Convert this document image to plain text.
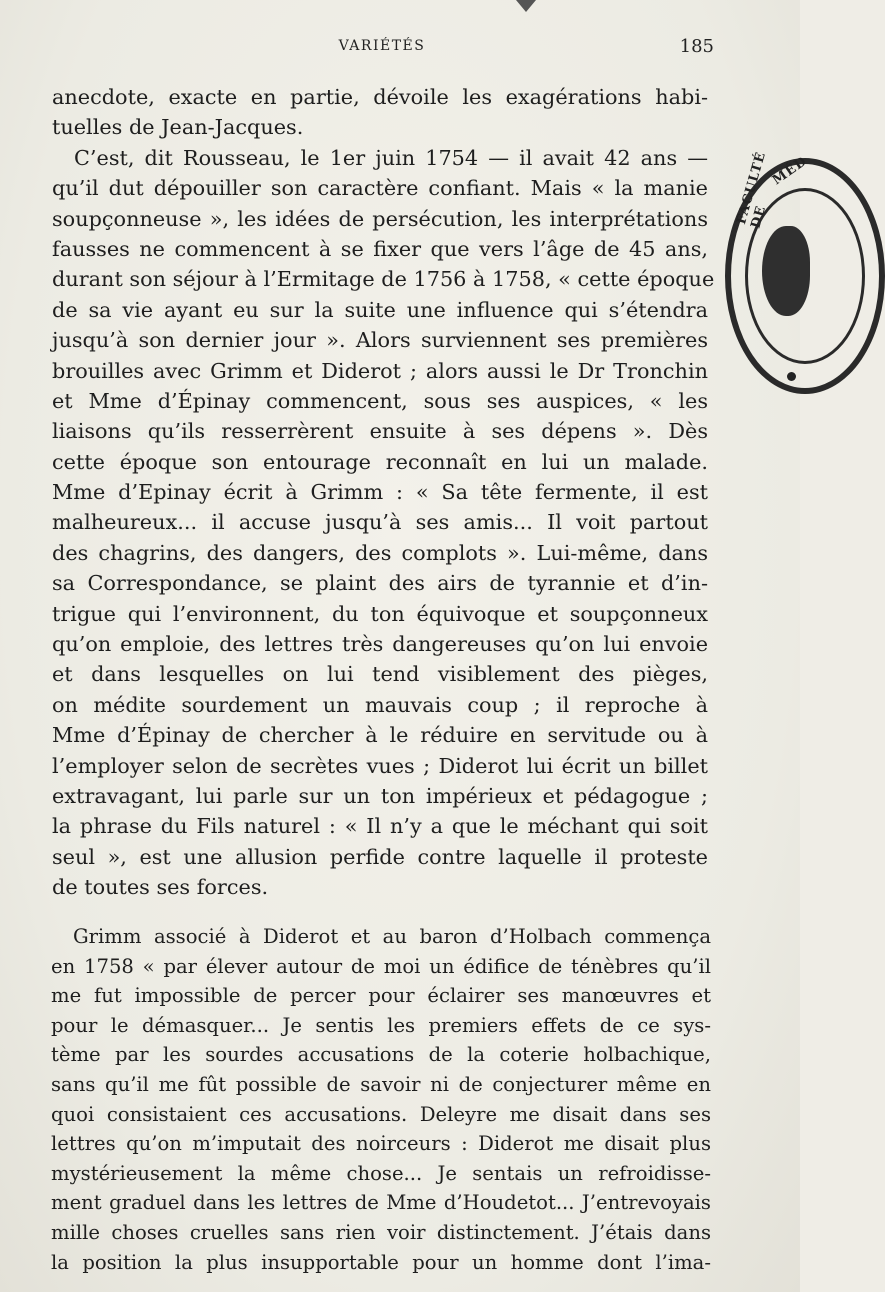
VARIÉTÉS	185
anecdote, exacte en partie, dévoile les exagérations habi-
tuelles de Jean-Jacques.
C’est, dit Rousseau, le 1er juin 1754 — il avait 42 ans —
qu’il dut dépouiller son caractère confiant. Mais « la manie
soupçonneuse », les idées de persécution, les interprétations
fausses ne commencent à se fixer que vers l’âge de 45 ans,
durant son séjour à l’Ermitage de 1756 à 1758, « cette époque
de sa vie ayant eu sur la suite une influence qui s’étendra
jusqu’à son dernier jour ». Alors surviennent ses premières
brouilles avec Grimm et Diderot ; alors aussi le Dr Tronchin
et Mme d’Épinay commencent, sous ses auspices, « les
liaisons qu’ils resserrèrent ensuite à ses dépens ». Dès
cette époque son entourage reconnaît en lui un malade.
Mme d’Epinay écrit à Grimm : « Sa tête fermente, il est
malheureux... il accuse jusqu’à ses amis... Il voit partout
des chagrins, des dangers, des complots ». Lui-même, dans
sa Correspondance, se plaint des airs de tyrannie et d’in-
trigue qui l’environnent, du ton équivoque et soupçonneux
qu’on emploie, des lettres très dangereuses qu’on lui envoie
et dans lesquelles on lui tend visiblement des pièges,
on médite sourdement un mauvais coup ; il reproche à
Mme d’Épinay de chercher à le réduire en servitude ou à
l’employer selon de secrètes vues ; Diderot lui écrit un billet
extravagant, lui parle sur un ton impérieux et pédagogue ;
la phrase du Fils naturel : « Il n’y a que le méchant qui soit
seul », est une allusion perfide contre laquelle il proteste
de toutes ses forces.
Grimm associé à Diderot et au baron d’Holbach commença
en 1758 « par élever autour de moi un édifice de ténèbres qu’il
me fut impossible de percer pour éclairer ses manœuvres et
pour le démasquer... Je sentis les premiers effets de ce sys-
tème par les sourdes accusations de la coterie holbachique,
sans qu’il me fût possible de savoir ni de conjecturer même en
quoi consistaient ces accusations. Deleyre me disait dans ses
lettres qu’on m’imputait des noirceurs : Diderot me disait plus
mystérieusement la même chose... Je sentais un refroidisse-
ment graduel dans les lettres de Mme d’Houdetot... J’entrevoyais
mille choses cruelles sans rien voir distinctement. J’étais dans
la position la plus insupportable pour un homme dont l’ima-
FACULTÉ DE
MÉD
